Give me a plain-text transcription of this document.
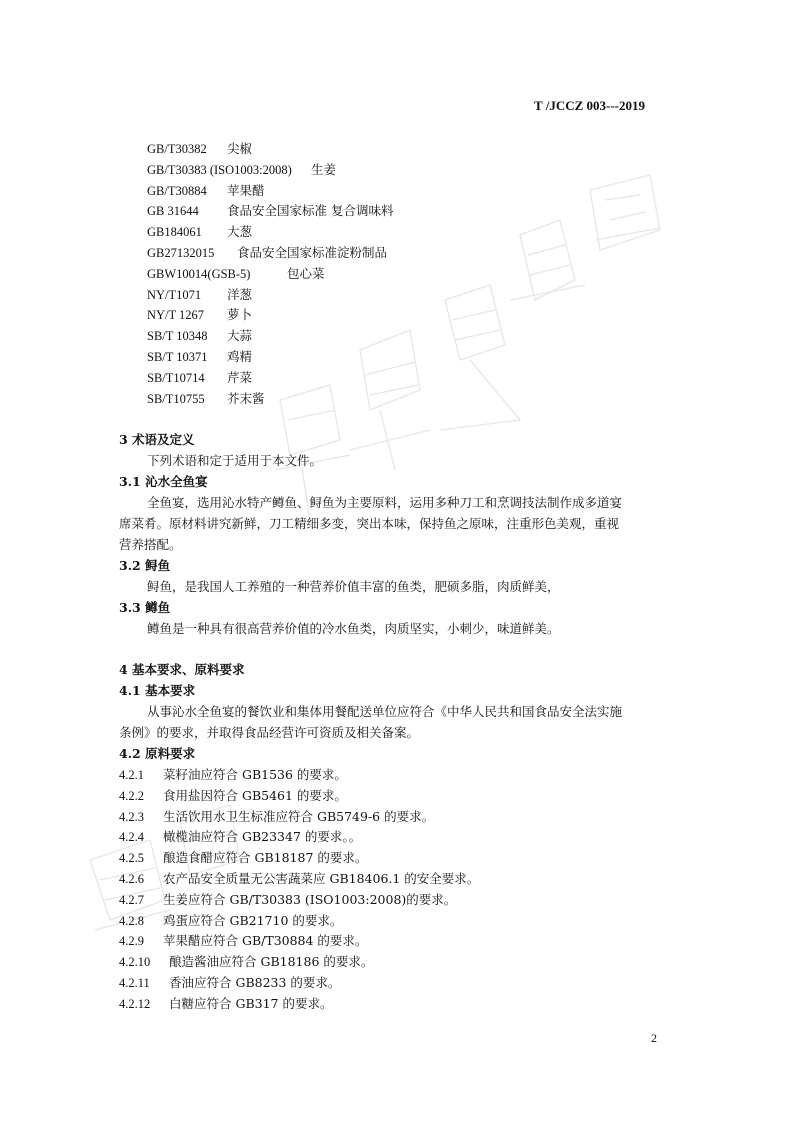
T /JCCZ 003---2019
GB/T30382 尖椒
GB/T30383 (ISO1003:2008) 生姜
GB/T30884 苹果醋
GB 31644 食品安全国家标准 复合调味料
GB184061 大葱
GB27132015 食品安全国家标准淀粉制品
GBW10014(GSB-5)	包心菜
NY/T1071 洋葱
NY/T 1267 萝卜
SB/T 10348 大蒜
SB/T 10371 鸡精
SB/T10714 芹菜
SB/T10755 芥末酱
3 术语及定义
下列术语和定于适用于本文件。
3.1 沁水全鱼宴
全鱼宴，选用沁水特产鳟鱼、鲟鱼为主要原料，运用多种刀工和烹调技法制作成多道宴
席菜肴。原材料讲究新鲜，刀工精细多变，突出本味，保持鱼之原味，注重形色美观，重视
营养搭配。
3.2 鲟鱼
鲟鱼，是我国人工养殖的一种营养价值丰富的鱼类，肥硕多脂，肉质鲜美，
3.3 鳟鱼
鳟鱼是一种具有很高营养价值的冷水鱼类，肉质坚实，小刺少，味道鲜美。
4 基本要求、原料要求
4.1 基本要求
从事沁水全鱼宴的餐饮业和集体用餐配送单位应符合《中华人民共和国食品安全法实施
条例》的要求，并取得食品经营许可资质及相关备案。
4.2 原料要求
4.2.1 菜籽油应符合 GB1536 的要求。
4.2.2 食用盐因符合 GB5461 的要求。
4.2.3 生活饮用水卫生标准应符合 GB5749-6 的要求。
4.2.4 橄榄油应符合 GB23347 的要求。。
4.2.5 酿造食醋应符合 GB18187 的要求。
4.2.6 农产品安全质量无公害蔬菜应 GB18406.1 的安全要求。
4.2.7 生姜应符合 GB/T30383 (ISO1003:2008)的要求。
4.2.8 鸡蛋应符合 GB21710 的要求。
4.2.9 苹果醋应符合 GB/T30884 的要求。
4.2.10 酿造酱油应符合 GB18186 的要求。
4.2.11 香油应符合 GB8233 的要求。
4.2.12 白糖应符合 GB317 的要求。
2
